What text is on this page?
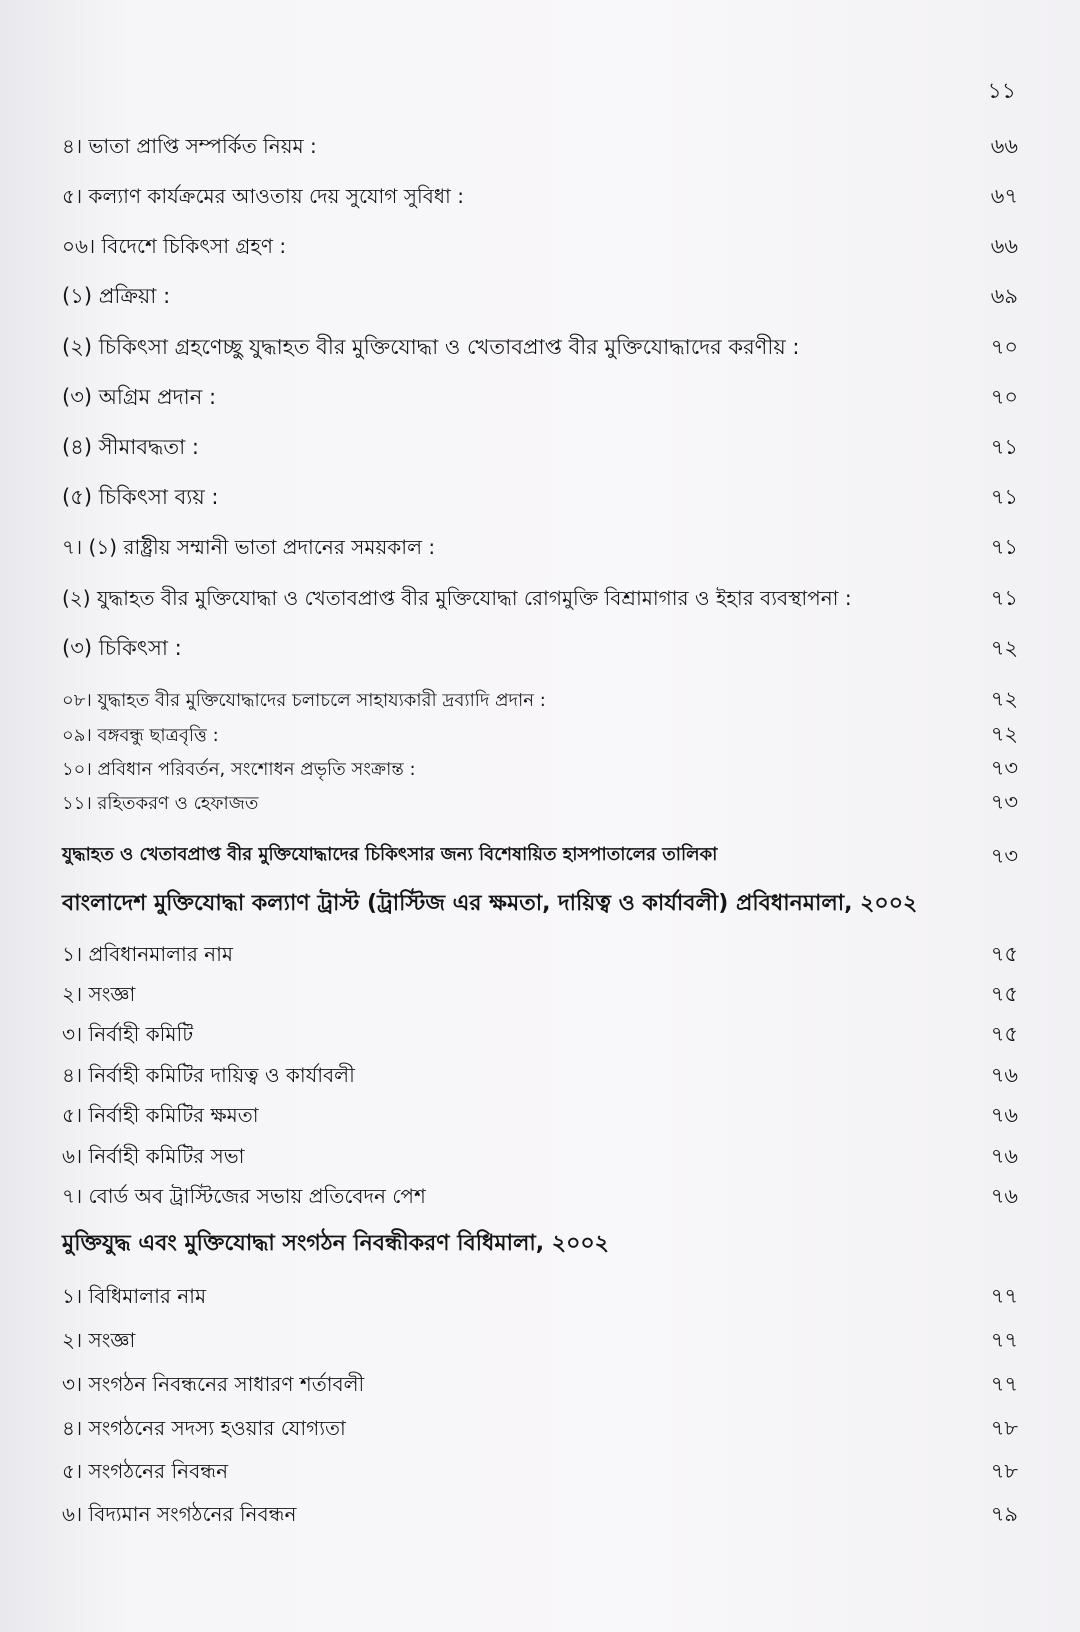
১১
৪। ভাতা প্রাপ্তি সম্পর্কিত নিয়ম :	৬৬
৫। কল্যাণ কার্যক্রমের আওতায় দেয় সুযোগ সুবিধা :	৬৭
০৬। বিদেশে চিকিৎসা গ্রহণ :	৬৬
(১) প্রক্রিয়া :	৬৯
(২) চিকিৎসা গ্রহণেচ্ছু যুদ্ধাহত বীর মুক্তিযোদ্ধা ও খেতাবপ্রাপ্ত বীর মুক্তিযোদ্ধাদের করণীয় :	৭০
(৩) অগ্রিম প্রদান :	৭০
(৪) সীমাবদ্ধতা :	৭১
(৫) চিকিৎসা ব্যয় :	৭১
৭। (১) রাষ্ট্রীয় সম্মানী ভাতা প্রদানের সময়কাল :	৭১
(২) যুদ্ধাহত বীর মুক্তিযোদ্ধা ও খেতাবপ্রাপ্ত বীর মুক্তিযোদ্ধা রোগমুক্তি বিশ্রামাগার ও ইহার ব্যবস্থাপনা :	৭১
(৩) চিকিৎসা :	৭২
০৮। যুদ্ধাহত বীর মুক্তিযোদ্ধাদের চলাচলে সাহায্যকারী দ্রব্যাদি প্রদান :	৭২
০৯। বঙ্গবন্ধু ছাত্রবৃত্তি :	৭২
১০। প্রবিধান পরিবর্তন, সংশোধন প্রভৃতি সংক্রান্ত :	৭৩
১১। রহিতকরণ ও হেফাজত	৭৩
যুদ্ধাহত ও খেতাবপ্রাপ্ত বীর মুক্তিযোদ্ধাদের চিকিৎসার জন্য বিশেষায়িত হাসপাতালের তালিকা	৭৩
বাংলাদেশ মুক্তিযোদ্ধা কল্যাণ ট্রাস্ট (ট্রাস্টিজ এর ক্ষমতা, দায়িত্ব ও কার্যাবলী) প্রবিধানমালা, ২০০২
১। প্রবিধানমালার নাম	৭৫
২। সংজ্ঞা	৭৫
৩। নির্বাহী কমিটি	৭৫
৪। নির্বাহী কমিটির দায়িত্ব ও কার্যাবলী	৭৬
৫। নির্বাহী কমিটির ক্ষমতা	৭৬
৬। নির্বাহী কমিটির সভা	৭৬
৭। বোর্ড অব ট্রাস্টিজের সভায় প্রতিবেদন পেশ	৭৬
মুক্তিযুদ্ধ এবং মুক্তিযোদ্ধা সংগঠন নিবন্ধীকরণ বিধিমালা, ২০০২
১। বিধিমালার নাম	৭৭
২। সংজ্ঞা	৭৭
৩। সংগঠন নিবন্ধনের সাধারণ শর্তাবলী	৭৭
৪। সংগঠনের সদস্য হওয়ার যোগ্যতা	৭৮
৫। সংগঠনের নিবন্ধন	৭৮
৬। বিদ্যমান সংগঠনের নিবন্ধন	৭৯
